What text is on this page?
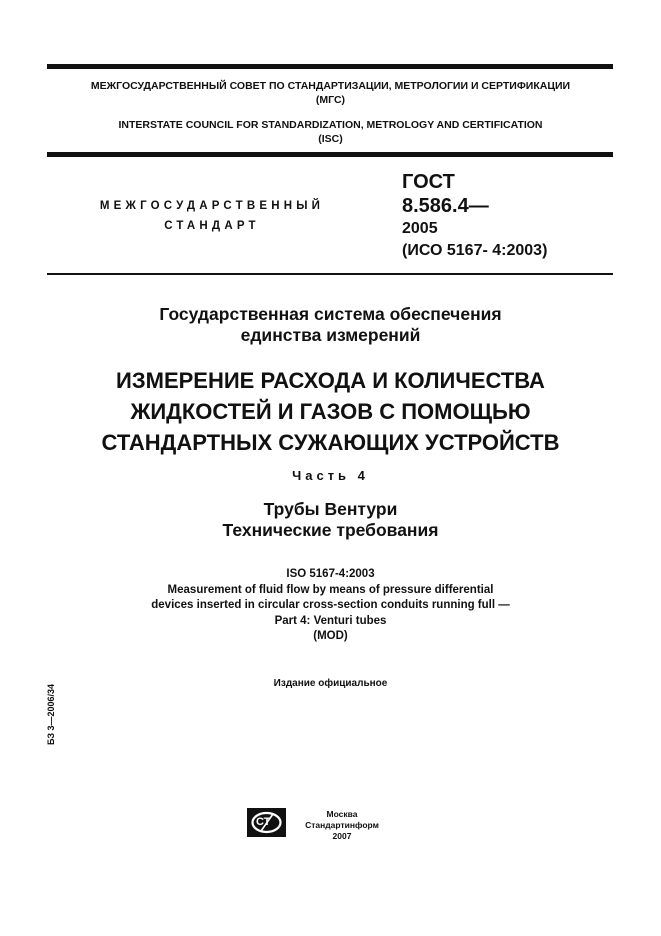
МЕЖГОСУДАРСТВЕННЫЙ СОВЕТ ПО СТАНДАРТИЗАЦИИ, МЕТРОЛОГИИ И СЕРТИФИКАЦИИ
(МГС)
INTERSTATE COUNCIL FOR STANDARDIZATION, METROLOGY AND CERTIFICATION
(ISC)
МЕЖГОСУДАРСТВЕННЫЙ
СТАНДАРТ
ГОСТ
8.586.4—
2005
(ИСО 5167- 4:2003)
Государственная система обеспечения
единства измерений
ИЗМЕРЕНИЕ РАСХОДА И КОЛИЧЕСТВА
ЖИДКОСТЕЙ И ГАЗОВ С ПОМОЩЬЮ
СТАНДАРТНЫХ СУЖАЮЩИХ УСТРОЙСТВ
Часть 4
Трубы Вентури
Технические требования
ISO 5167-4:2003
Measurement of fluid flow by means of pressure differential
devices inserted in circular cross-section conduits running full —
Part 4: Venturi tubes
(MOD)
Издание официальное
БЗ 3—2006/34
СТ
Москва
Стандартинформ
2007
